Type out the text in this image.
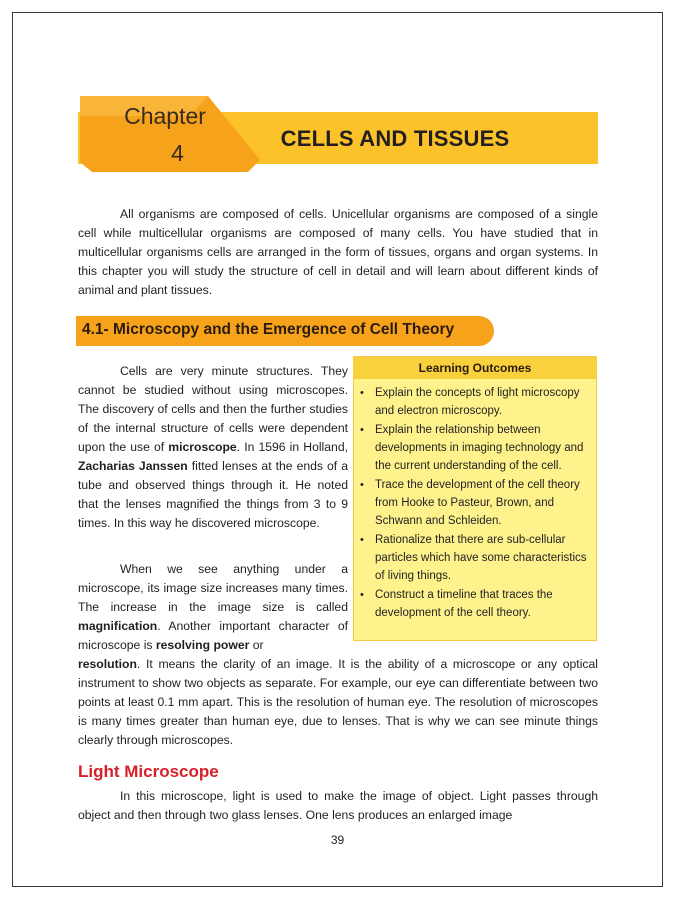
Chapter
4
CELLS AND TISSUES

All organisms are composed of cells. Unicellular organisms are composed of a single cell while multicellular organisms are composed of many cells. You have studied that in multicellular organisms cells are arranged in the form of tissues, organs and organ systems. In this chapter you will study the structure of cell in detail and will learn about different kinds of animal and plant tissues.

4.1- Microscopy and the Emergence of Cell Theory

Cells are very minute structures. They cannot be studied without using microscopes. The discovery of cells and then the further studies of the internal structure of cells were dependent upon the use of microscope. In 1596 in Holland, Zacharias Janssen fitted lenses at the ends of a tube and observed things through it. He noted that the lenses magnified the things from 3 to 9 times. In this way he discovered microscope.

When we see anything under a microscope, its image size increases many times. The increase in the image size is called magnification. Another important character of microscope is resolving power or

resolution. It means the clarity of an image. It is the ability of a microscope or any optical instrument to show two objects as separate. For example, our eye can differentiate between two points at least 0.1 mm apart. This is the resolution of human eye. The resolution of microscopes is many times greater than human eye, due to lenses. That is why we can see minute things clearly through microscopes.

Learning Outcomes
• Explain the concepts of light microscopy and electron microscopy.
• Explain the relationship between developments in imaging technology and the current understanding of the cell.
• Trace the development of the cell theory from Hooke to Pasteur, Brown, and Schwann and Schleiden.
• Rationalize that there are sub-cellular particles which have some characteristics of living things.
• Construct a timeline that traces the development of the cell theory.
Light Microscope

In this microscope, light is used to make the image of object. Light passes through object and then through two glass lenses. One lens produces an enlarged image

39
